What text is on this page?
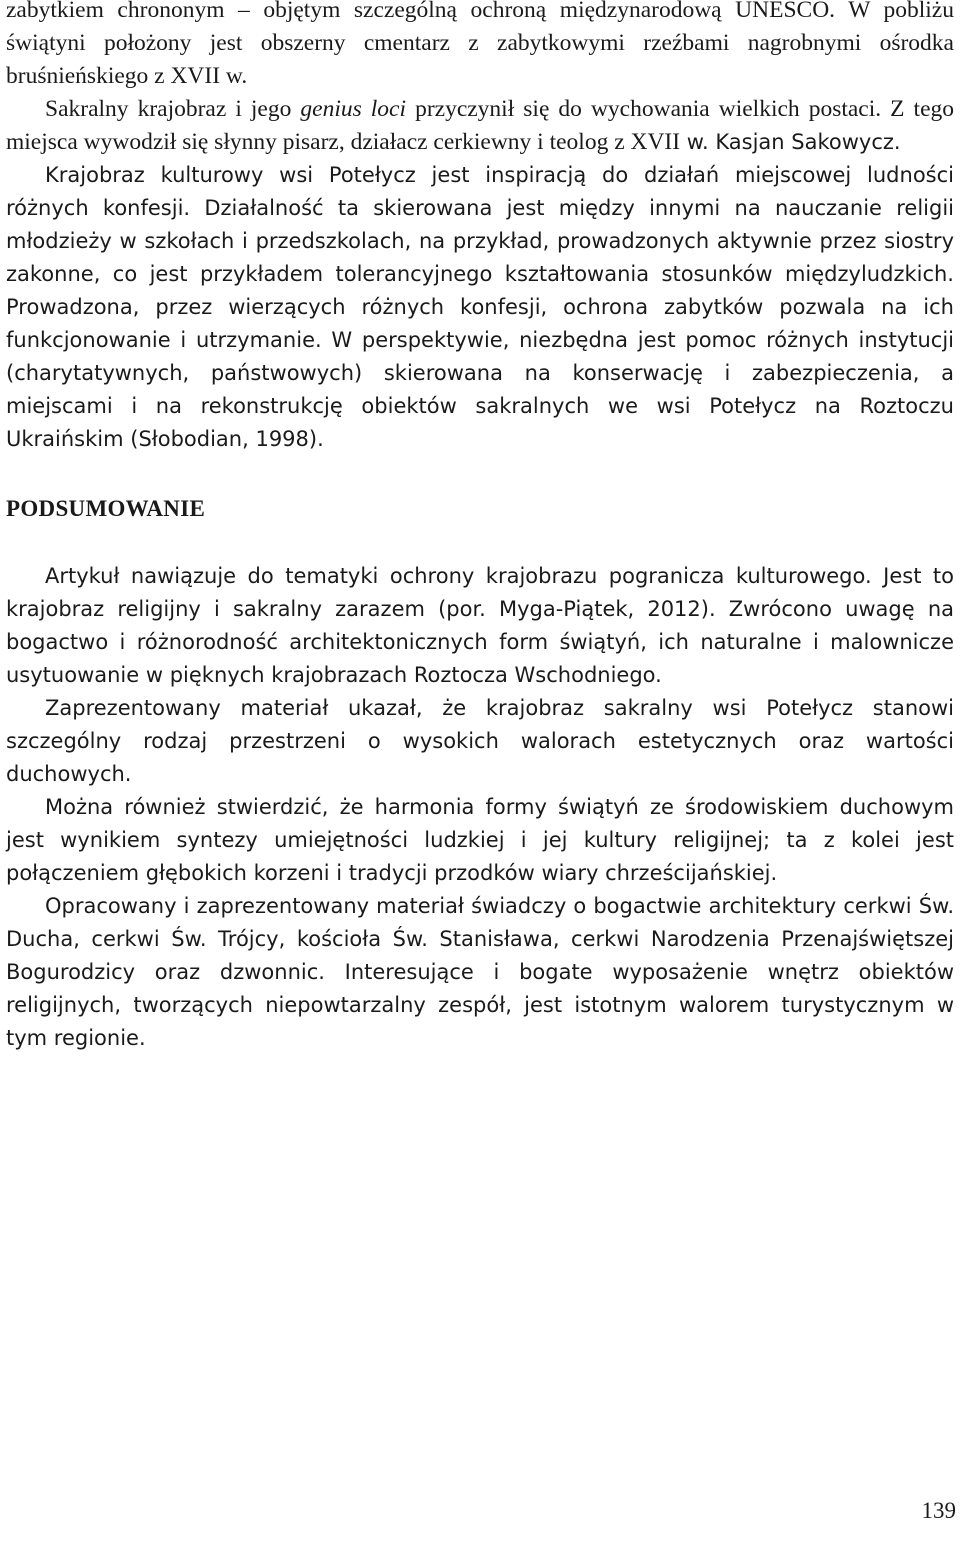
zabytkiem chrononym – objętym szczególną ochroną międzynarodową UNESCO. W pobliżu świątyni położony jest obszerny cmentarz z zabytkowymi rzeźbami nagrobnymi ośrodka bruśnieńskiego z XVII w.

Sakralny krajobraz i jego genius loci przyczynił się do wychowania wielkich postaci. Z tego miejsca wywodził się słynny pisarz, działacz cerkiewny i teolog z XVII w. Kasjan Sakowycz.

Krajobraz kulturowy wsi Potełycz jest inspiracją do działań miejscowej ludności różnych konfesji. Działalność ta skierowana jest między innymi na nauczanie religii młodzieży w szkołach i przedszkolach, na przykład, prowadzonych aktywnie przez siostry zakonne, co jest przykładem tolerancyjnego kształtowania stosunków międzyludzkich. Prowadzona, przez wierzących różnych konfesji, ochrona zabytków pozwala na ich funkcjonowanie i utrzymanie. W perspektywie, niezbędna jest pomoc różnych instytucji (charytatywnych, państwowych) skierowana na konserwację i zabezpieczenia, a miejscami i na rekonstrukcję obiektów sakralnych we wsi Potełycz na Roztoczu Ukraińskim (Słobodian, 1998).

PODSUMOWANIE

Artykuł nawiązuje do tematyki ochrony krajobrazu pogranicza kulturowego. Jest to krajobraz religijny i sakralny zarazem (por. Myga-Piątek, 2012). Zwrócono uwagę na bogactwo i różnorodność architektonicznych form świątyń, ich naturalne i malownicze usytuowanie w pięknych krajobrazach Roztocza Wschodniego.

Zaprezentowany materiał ukazał, że krajobraz sakralny wsi Potełycz stanowi szczególny rodzaj przestrzeni o wysokich walorach estetycznych oraz wartości duchowych.

Można również stwierdzić, że harmonia formy świątyń ze środowiskiem duchowym jest wynikiem syntezy umiejętności ludzkiej i jej kultury religijnej; ta z kolei jest połączeniem głębokich korzeni i tradycji przodków wiary chrześcijańskiej.

Opracowany i zaprezentowany materiał świadczy o bogactwie architektury cerkwi Św. Ducha, cerkwi Św. Trójcy, kościoła Św. Stanisława, cerkwi Narodzenia Przenajświętszej Bogurodzicy oraz dzwonnic. Interesujące i bogate wyposażenie wnętrz obiektów religijnych, tworzących niepowtarzalny zespół, jest istotnym walorem turystycznym w tym regionie.

139
